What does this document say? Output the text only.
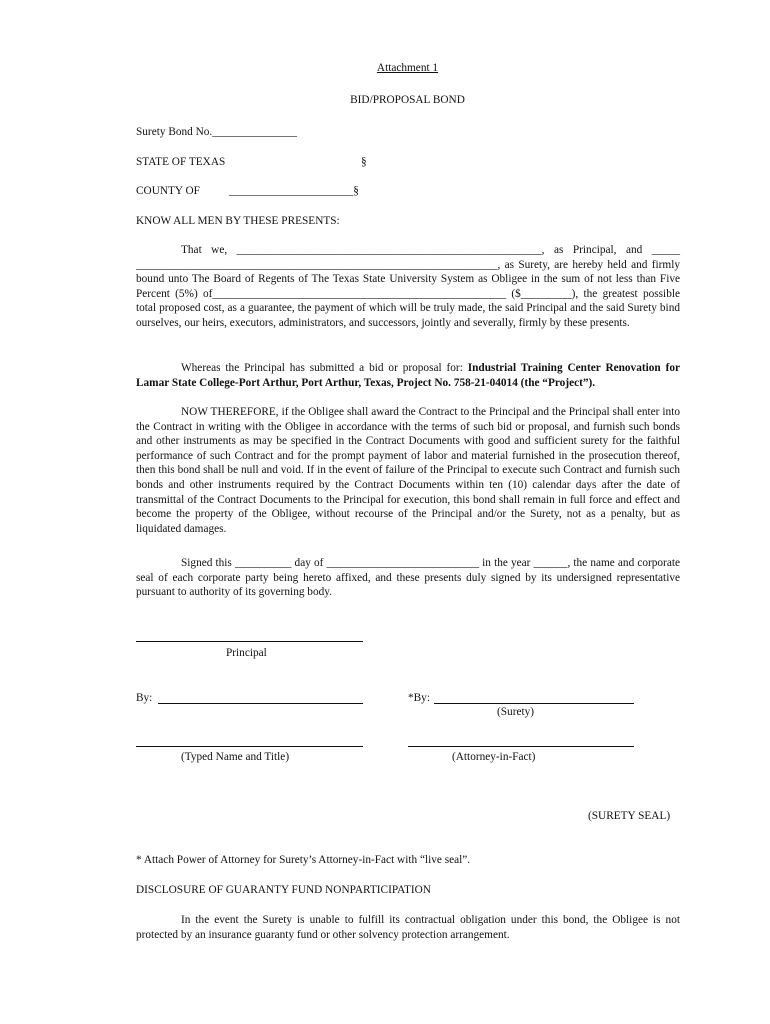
Attachment 1
BID/PROPOSAL BOND
Surety Bond No._______________
STATE OF TEXAS	§
COUNTY OF	______________________§
KNOW ALL MEN BY THESE PRESENTS:
That we, ______________________________________________________, as Principal, and _____ ________________________________________________________________, as Surety, are hereby held and firmly bound unto The Board of Regents of The Texas State University System as Obligee in the sum of not less than Five Percent (5%) of____________________________________________________ ($_________), the greatest possible total proposed cost, as a guarantee, the payment of which will be truly made, the said Principal and the said Surety bind ourselves, our heirs, executors, administrators, and successors, jointly and severally, firmly by these presents.
Whereas the Principal has submitted a bid or proposal for: Industrial Training Center Renovation for Lamar State College-Port Arthur, Port Arthur, Texas, Project No. 758-21-04014 (the “Project”).
NOW THEREFORE, if the Obligee shall award the Contract to the Principal and the Principal shall enter into the Contract in writing with the Obligee in accordance with the terms of such bid or proposal, and furnish such bonds and other instruments as may be specified in the Contract Documents with good and sufficient surety for the faithful performance of such Contract and for the prompt payment of labor and material furnished in the prosecution thereof, then this bond shall be null and void. If in the event of failure of the Principal to execute such Contract and furnish such bonds and other instruments required by the Contract Documents within ten (10) calendar days after the date of transmittal of the Contract Documents to the Principal for execution, this bond shall remain in full force and effect and become the property of the Obligee, without recourse of the Principal and/or the Surety, not as a penalty, but as liquidated damages.
Signed this __________ day of ___________________________ in the year ______, the name and corporate seal of each corporate party being hereto affixed, and these presents duly signed by its undersigned representative pursuant to authority of its governing body.
Principal
By:	*By:
(Surety)
(Typed Name and Title)	(Attorney-in-Fact)
(SURETY SEAL)
* Attach Power of Attorney for Surety’s Attorney-in-Fact with “live seal”.
DISCLOSURE OF GUARANTY FUND NONPARTICIPATION
In the event the Surety is unable to fulfill its contractual obligation under this bond, the Obligee is not protected by an insurance guaranty fund or other solvency protection arrangement.
